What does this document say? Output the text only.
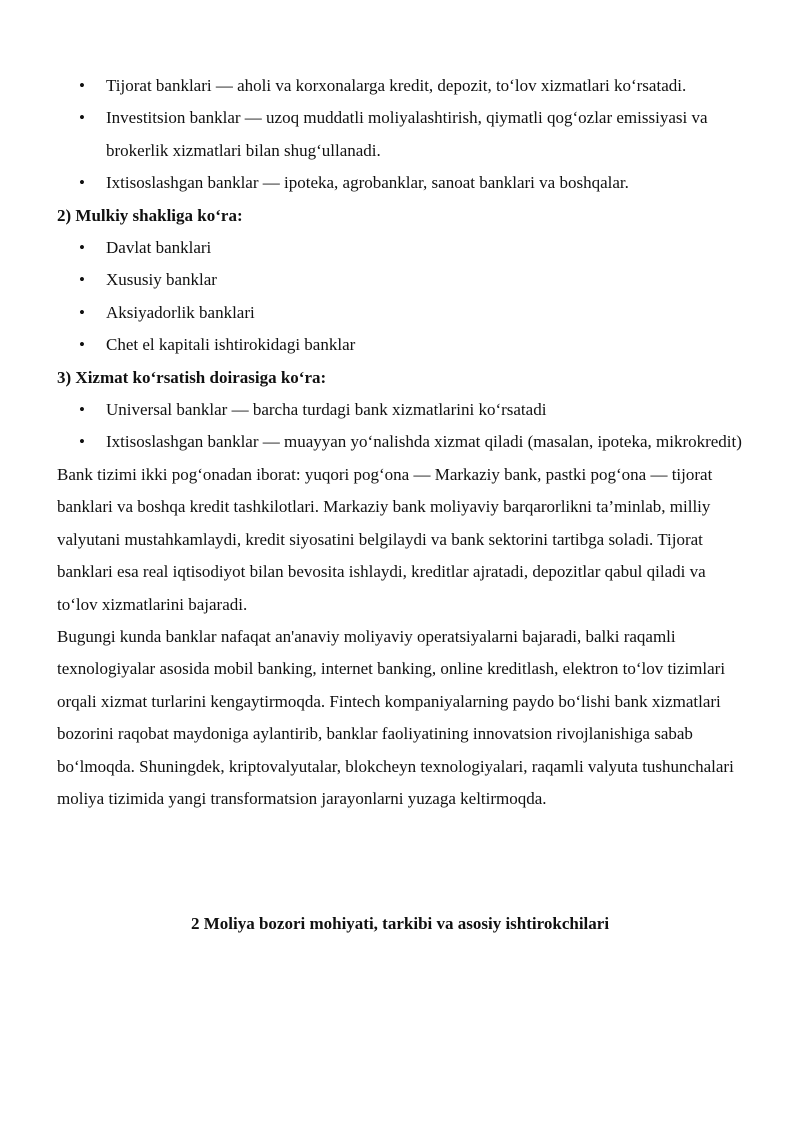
• Tijorat banklari — aholi va korxonalarga kredit, depozit, to‘lov xizmatlari ko‘rsatadi.
• Investitsion banklar — uzoq muddatli moliyalashtirish, qiymatli qog‘ozlar emissiyasi va brokerlik xizmatlari bilan shug‘ullanadi.
• Ixtisoslashgan banklar — ipoteka, agrobanklar, sanoat banklari va boshqalar.
2) Mulkiy shakliga ko‘ra:
• Davlat banklari
• Xususiy banklar
• Aksiyadorlik banklari
• Chet el kapitali ishtirokidagi banklar
3) Xizmat ko‘rsatish doirasiga ko‘ra:
• Universal banklar — barcha turdagi bank xizmatlarini ko‘rsatadi
• Ixtisoslashgan banklar — muayyan yo‘nalishda xizmat qiladi (masalan, ipoteka, mikrokredit)

Bank tizimi ikki pog‘onadan iborat: yuqori pog‘ona — Markaziy bank, pastki pog‘ona — tijorat banklari va boshqa kredit tashkilotlari. Markaziy bank moliyaviy barqarorlikni ta’minlab, milliy valyutani mustahkamlaydi, kredit siyosatini belgilaydi va bank sektorini tartibga soladi. Tijorat banklari esa real iqtisodiyot bilan bevosita ishlaydi, kreditlar ajratadi, depozitlar qabul qiladi va to‘lov xizmatlarini bajaradi.

Bugungi kunda banklar nafaqat an'anaviy moliyaviy operatsiyalarni bajaradi, balki raqamli texnologiyalar asosida mobil banking, internet banking, online kreditlash, elektron to‘lov tizimlari orqali xizmat turlarini kengaytirmoqda. Fintech kompaniyalarning paydo bo‘lishi bank xizmatlari bozorini raqobat maydoniga aylantirib, banklar faoliyatining innovatsion rivojlanishiga sabab bo‘lmoqda. Shuningdek, kriptovalyutalar, blokcheyn texnologiyalari, raqamli valyuta tushunchalari moliya tizimida yangi transformatsion jarayonlarni yuzaga keltirmoqda.

2 Moliya bozori mohiyati, tarkibi va asosiy ishtirokchilari
